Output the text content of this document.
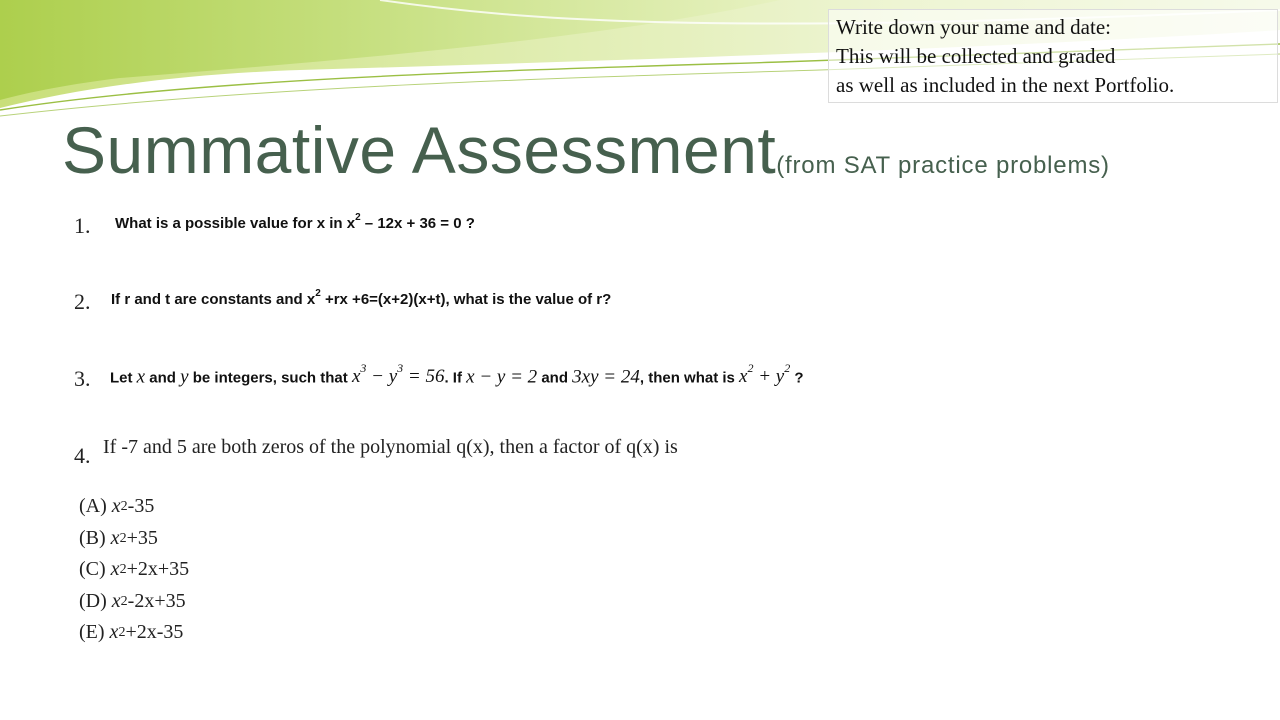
Write down your name and date:
This will be collected and graded
as well as included in the next Portfolio.
Summative Assessment(from SAT practice problems)
1. What is a possible value for x in $x^2 - 12x + 36 = 0$ ?
2. If r and t are constants and $x^2 +rx +6=(x+2)(x+t)$, what is the value of r?
3. Let x and y be integers, such that $x^3 - y^3 = 56$. If x − y = 2 and 3xy = 24, then what is $x^2 + y^2$ ?
4. If -7 and 5 are both zeros of the polynomial q(x), then a factor of q(x) is
(A) $x^2-35$
(B) $x^2+35$
(C) $x^2+2x+35$
(D) $x^2-2x+35$
(E) $x^2+2x-35$
